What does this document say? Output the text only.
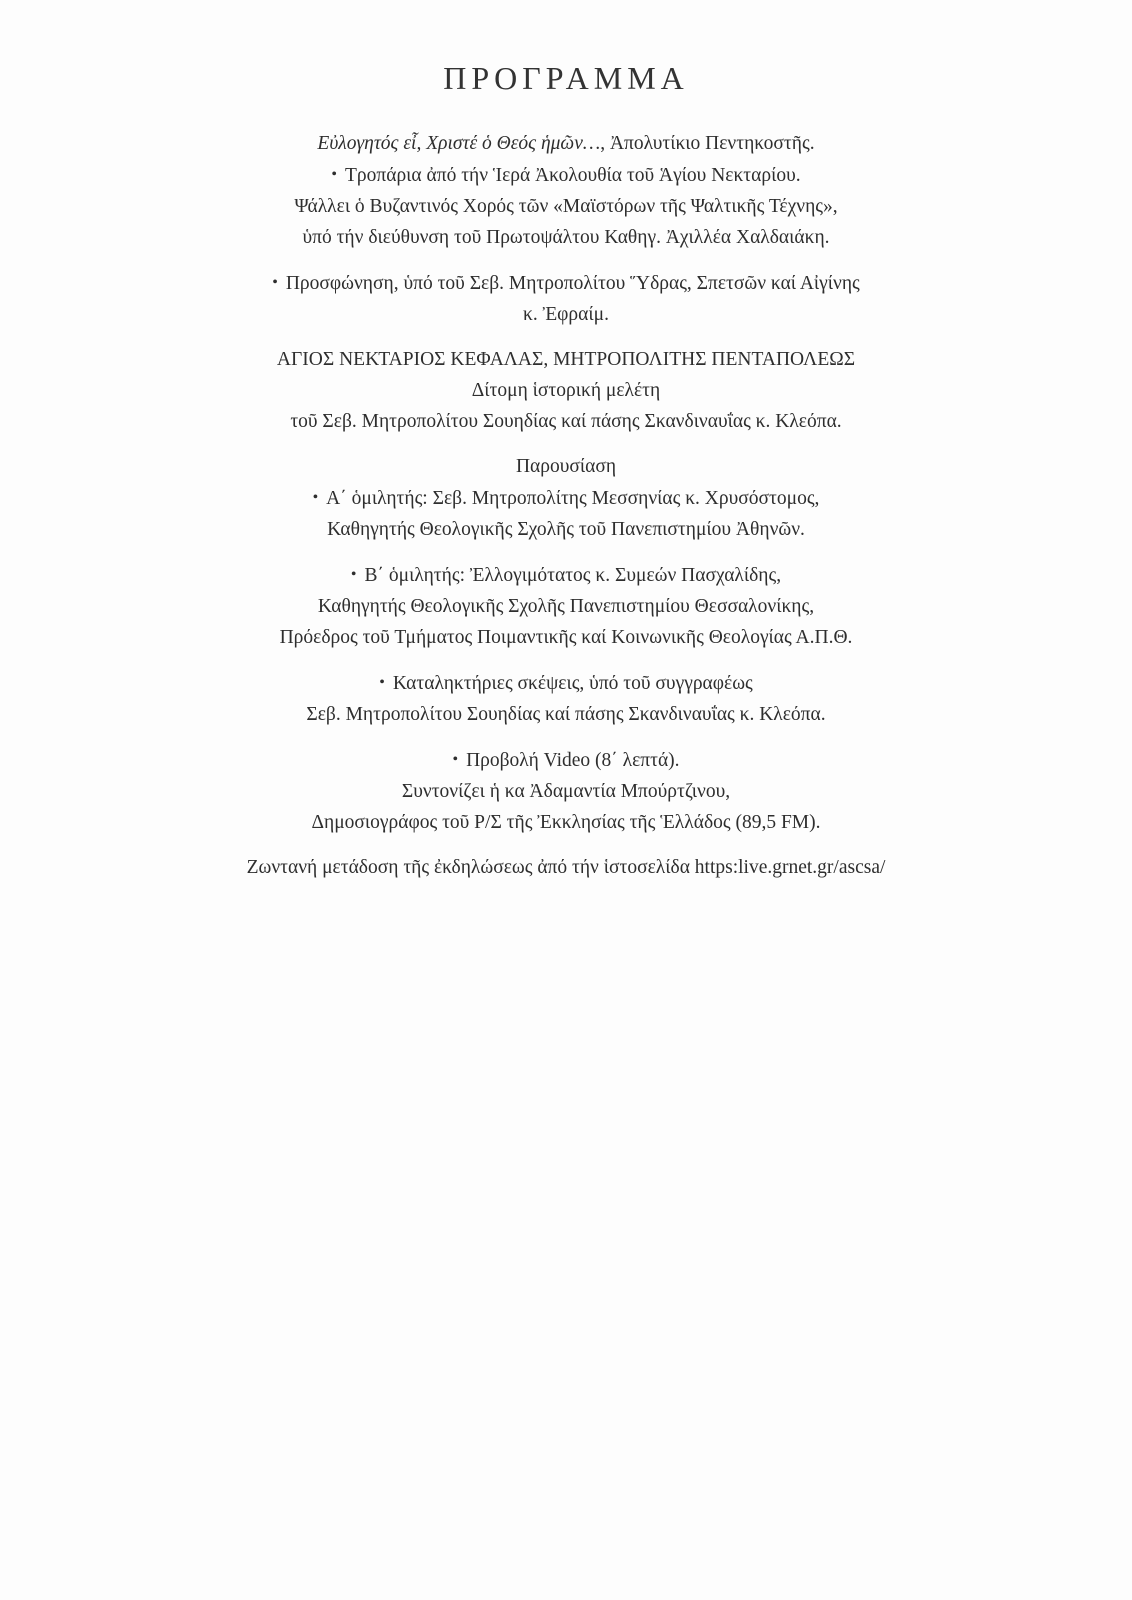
ΠΡΟΓΡΑΜΜΑ
Εὐλογητός εἶ, Χριστέ ὁ Θεός ἡμῶν…, Ἀπολυτίκιο Πεντηκοστῆς.
• Τροπάρια ἀπό τήν Ἱερά Ἀκολουθία τοῦ Ἁγίου Νεκταρίου.
Ψάλλει ὁ Βυζαντινός Χορός τῶν «Μαϊστόρων τῆς Ψαλτικῆς Τέχνης»,
ὑπό τήν διεύθυνση τοῦ Πρωτοψάλτου Καθηγ. Ἀχιλλέα Χαλδαιάκη.
• Προσφώνηση, ὑπό τοῦ Σεβ. Μητροπολίτου Ὕδρας, Σπετσῶν καί Αἰγίνης
κ. Ἐφραίμ.
ΑΓΙΟΣ ΝΕΚΤΑΡΙΟΣ ΚΕΦΑΛΑΣ, ΜΗΤΡΟΠΟΛΙΤΗΣ ΠΕΝΤΑΠΟΛΕΩΣ
Δίτομη ἱστορική μελέτη
τοῦ Σεβ. Μητροπολίτου Σουηδίας καί πάσης Σκανδιναυΐας κ. Κλεόπα.
Παρουσίαση
• Α΄ ὁμιλητής: Σεβ. Μητροπολίτης Μεσσηνίας κ. Χρυσόστομος,
Καθηγητής Θεολογικῆς Σχολῆς τοῦ Πανεπιστημίου Ἀθηνῶν.
• Β΄ ὁμιλητής: Ἐλλογιμότατος κ. Συμεών Πασχαλίδης,
Καθηγητής Θεολογικῆς Σχολῆς Πανεπιστημίου Θεσσαλονίκης,
Πρόεδρος τοῦ Τμήματος Ποιμαντικῆς καί Κοινωνικῆς Θεολογίας Α.Π.Θ.
• Καταληκτήριες σκέψεις, ὑπό τοῦ συγγραφέως
Σεβ. Μητροπολίτου Σουηδίας καί πάσης Σκανδιναυΐας κ. Κλεόπα.
• Προβολή Video (8΄ λεπτά).
Συντονίζει ἡ κα Ἀδαμαντία Μπούρτζινου,
Δημοσιογράφος τοῦ Ρ/Σ τῆς Ἐκκλησίας τῆς Ἑλλάδος (89,5 FM).
Ζωντανή μετάδοση τῆς ἐκδηλώσεως ἀπό τήν ἱστοσελίδα https:live.grnet.gr/ascsa/
